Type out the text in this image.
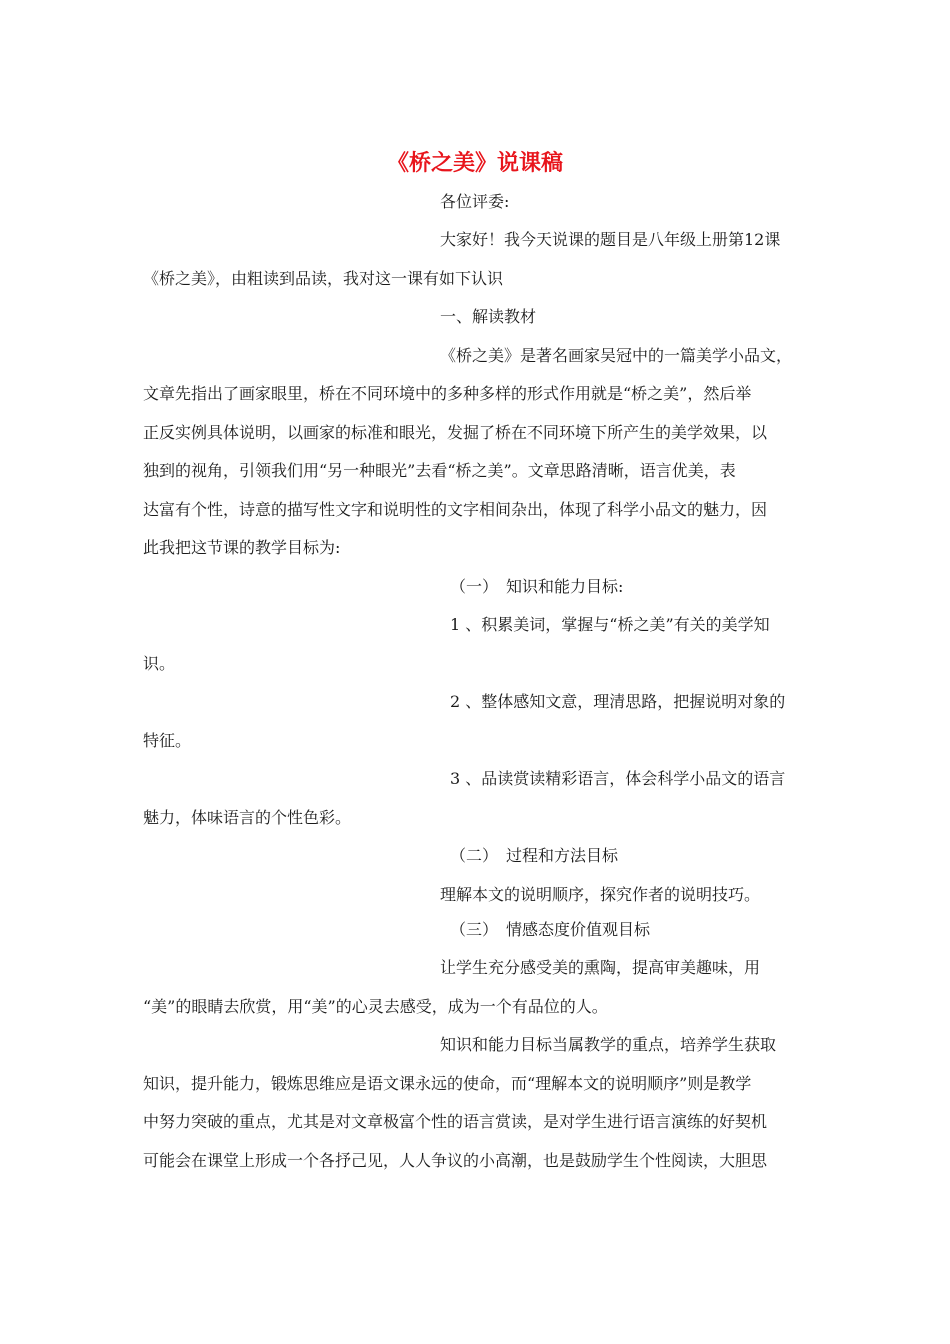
《桥之美》说课稿
各位评委:
大家好！我今天说课的题目是八年级上册第12课
《桥之美》，由粗读到品读，我对这一课有如下认识
一、解读教材
《桥之美》是著名画家吴冠中的一篇美学小品文，
文章先指出了画家眼里，桥在不同环境中的多种多样的形式作用就是“桥之美”，然后举
正反实例具体说明，以画家的标准和眼光，发掘了桥在不同环境下所产生的美学效果，以
独到的视角，引领我们用“另一种眼光”去看“桥之美”。文章思路清晰，语言优美，表
达富有个性，诗意的描写性文字和说明性的文字相间杂出，体现了科学小品文的魅力，因
此我把这节课的教学目标为:
（一）　知识和能力目标:
1 、积累美词，掌握与“桥之美”有关的美学知
识。
2 、整体感知文意，理清思路，把握说明对象的
特征。
3 、品读赏读精彩语言，体会科学小品文的语言
魅力，体味语言的个性色彩。
（二）　过程和方法目标
理解本文的说明顺序，探究作者的说明技巧。
（三）　情感态度价值观目标
让学生充分感受美的熏陶，提高审美趣味，用
“美”的眼睛去欣赏，用“美”的心灵去感受，成为一个有品位的人。
知识和能力目标当属教学的重点，培养学生获取
知识，提升能力，锻炼思维应是语文课永远的使命，而“理解本文的说明顺序”则是教学
中努力突破的重点，尤其是对文章极富个性的语言赏读，是对学生进行语言演练的好契机
可能会在课堂上形成一个各抒己见，人人争议的小高潮，也是鼓励学生个性阅读，大胆思
